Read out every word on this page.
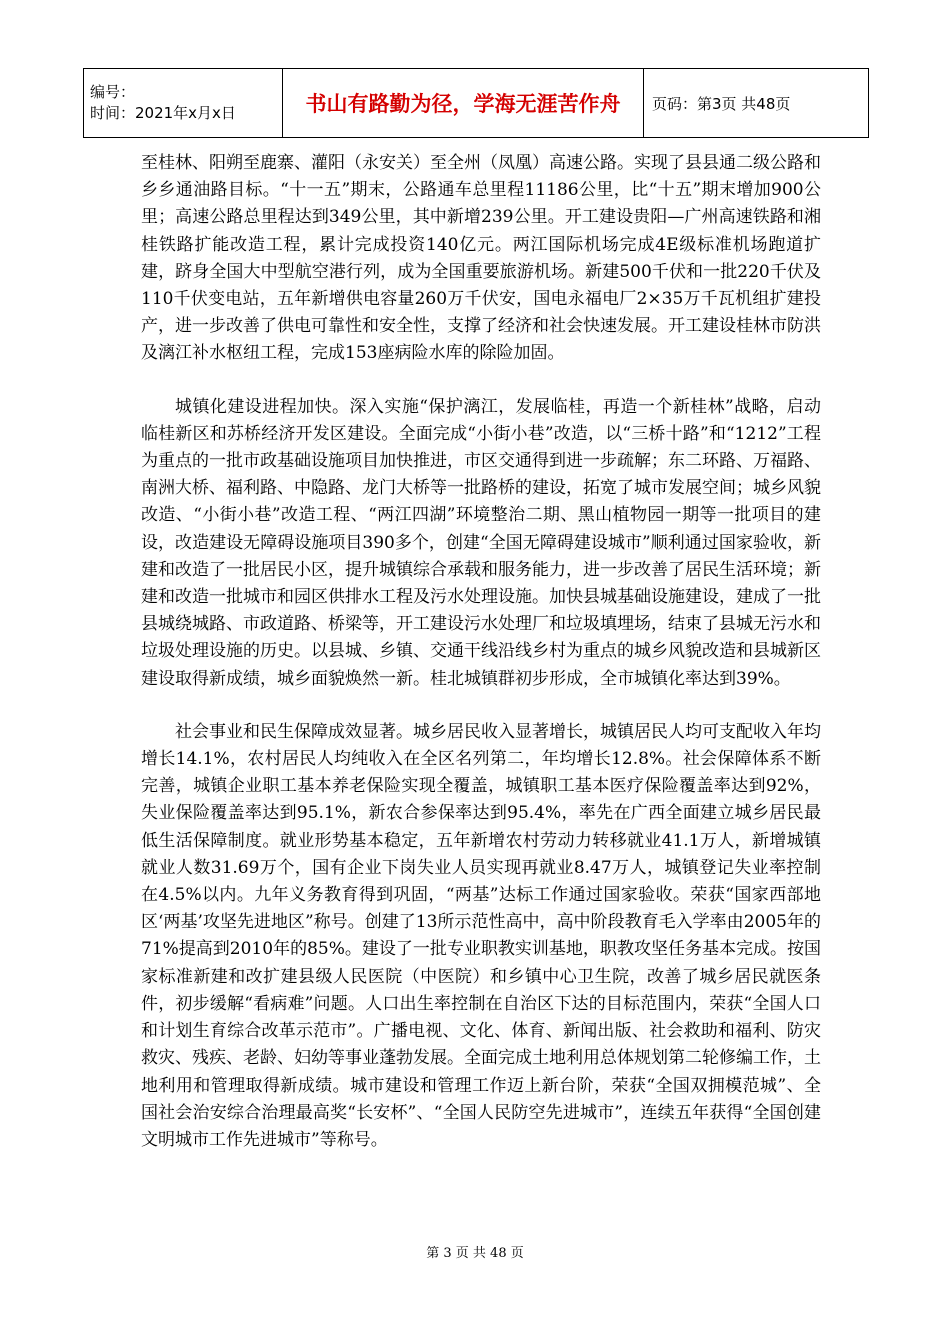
编号：
时间：2021年x月x日	书山有路勤为径，学海无涯苦作舟	页码：第3页 共48页

至桂林、阳朔至鹿寨、灌阳（永安关）至全州（凤凰）高速公路。实现了县县通二级公路和乡乡通油路目标。“十一五”期末，公路通车总里程11186公里，比“十五”期末增加900公里；高速公路总里程达到349公里，其中新增239公里。开工建设贵阳—广州高速铁路和湘桂铁路扩能改造工程，累计完成投资140亿元。两江国际机场完成4E级标准机场跑道扩建，跻身全国大中型航空港行列，成为全国重要旅游机场。新建500千伏和一批220千伏及110千伏变电站，五年新增供电容量260万千伏安，国电永福电厂2×35万千瓦机组扩建投产，进一步改善了供电可靠性和安全性，支撑了经济和社会快速发展。开工建设桂林市防洪及漓江补水枢纽工程，完成153座病险水库的除险加固。

城镇化建设进程加快。深入实施“保护漓江，发展临桂，再造一个新桂林”战略，启动临桂新区和苏桥经济开发区建设。全面完成“小街小巷”改造，以“三桥十路”和“1212”工程为重点的一批市政基础设施项目加快推进，市区交通得到进一步疏解；东二环路、万福路、南洲大桥、福利路、中隐路、龙门大桥等一批路桥的建设，拓宽了城市发展空间；城乡风貌改造、“小街小巷”改造工程、“两江四湖”环境整治二期、黑山植物园一期等一批项目的建设，改造建设无障碍设施项目390多个，创建“全国无障碍建设城市”顺利通过国家验收，新建和改造了一批居民小区，提升城镇综合承载和服务能力，进一步改善了居民生活环境；新建和改造一批城市和园区供排水工程及污水处理设施。加快县城基础设施建设，建成了一批县城绕城路、市政道路、桥梁等，开工建设污水处理厂和垃圾填埋场，结束了县城无污水和垃圾处理设施的历史。以县城、乡镇、交通干线沿线乡村为重点的城乡风貌改造和县城新区建设取得新成绩，城乡面貌焕然一新。桂北城镇群初步形成，全市城镇化率达到39%。

社会事业和民生保障成效显著。城乡居民收入显著增长，城镇居民人均可支配收入年均增长14.1%，农村居民人均纯收入在全区名列第二，年均增长12.8%。社会保障体系不断完善，城镇企业职工基本养老保险实现全覆盖，城镇职工基本医疗保险覆盖率达到92%，失业保险覆盖率达到95.1%，新农合参保率达到95.4%，率先在广西全面建立城乡居民最低生活保障制度。就业形势基本稳定，五年新增农村劳动力转移就业41.1万人，新增城镇就业人数31.69万个，国有企业下岗失业人员实现再就业8.47万人，城镇登记失业率控制在4.5%以内。九年义务教育得到巩固，“两基”达标工作通过国家验收。荣获“国家西部地区‘两基’攻坚先进地区”称号。创建了13所示范性高中，高中阶段教育毛入学率由2005年的71%提高到2010年的85%。建设了一批专业职教实训基地，职教攻坚任务基本完成。按国家标准新建和改扩建县级人民医院（中医院）和乡镇中心卫生院，改善了城乡居民就医条件，初步缓解“看病难”问题。人口出生率控制在自治区下达的目标范围内，荣获“全国人口和计划生育综合改革示范市”。广播电视、文化、体育、新闻出版、社会救助和福利、防灾救灾、残疾、老龄、妇幼等事业蓬勃发展。全面完成土地利用总体规划第二轮修编工作，土地利用和管理取得新成绩。城市建设和管理工作迈上新台阶，荣获“全国双拥模范城”、全国社会治安综合治理最高奖“长安杯”、“全国人民防空先进城市”，连续五年获得“全国创建文明城市工作先进城市”等称号。

第 3 页 共 48 页
